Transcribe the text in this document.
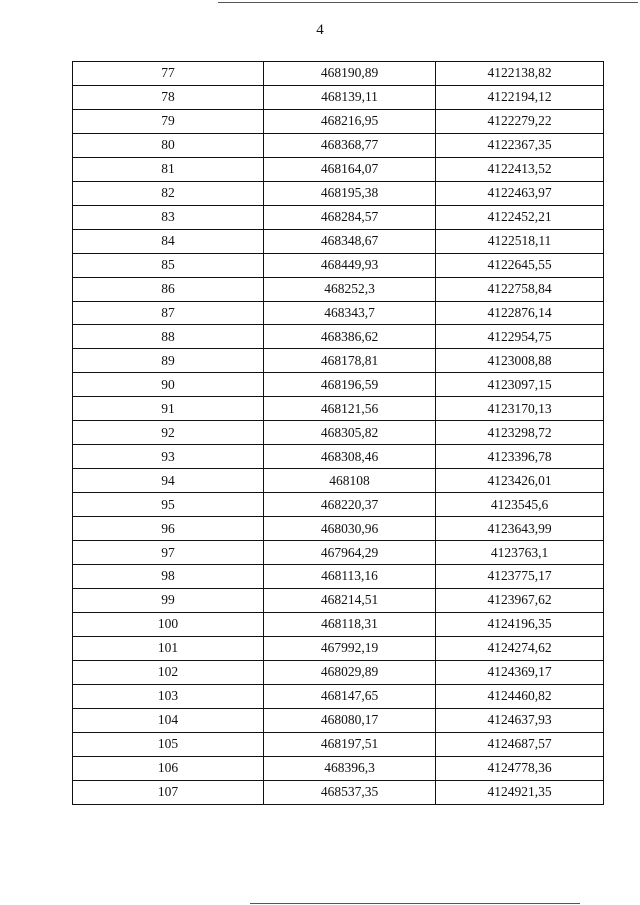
4
77	468190,89	4122138,82
78	468139,11	4122194,12
79	468216,95	4122279,22
80	468368,77	4122367,35
81	468164,07	4122413,52
82	468195,38	4122463,97
83	468284,57	4122452,21
84	468348,67	4122518,11
85	468449,93	4122645,55
86	468252,3	4122758,84
87	468343,7	4122876,14
88	468386,62	4122954,75
89	468178,81	4123008,88
90	468196,59	4123097,15
91	468121,56	4123170,13
92	468305,82	4123298,72
93	468308,46	4123396,78
94	468108	4123426,01
95	468220,37	4123545,6
96	468030,96	4123643,99
97	467964,29	4123763,1
98	468113,16	4123775,17
99	468214,51	4123967,62
100	468118,31	4124196,35
101	467992,19	4124274,62
102	468029,89	4124369,17
103	468147,65	4124460,82
104	468080,17	4124637,93
105	468197,51	4124687,57
106	468396,3	4124778,36
107	468537,35	4124921,35
